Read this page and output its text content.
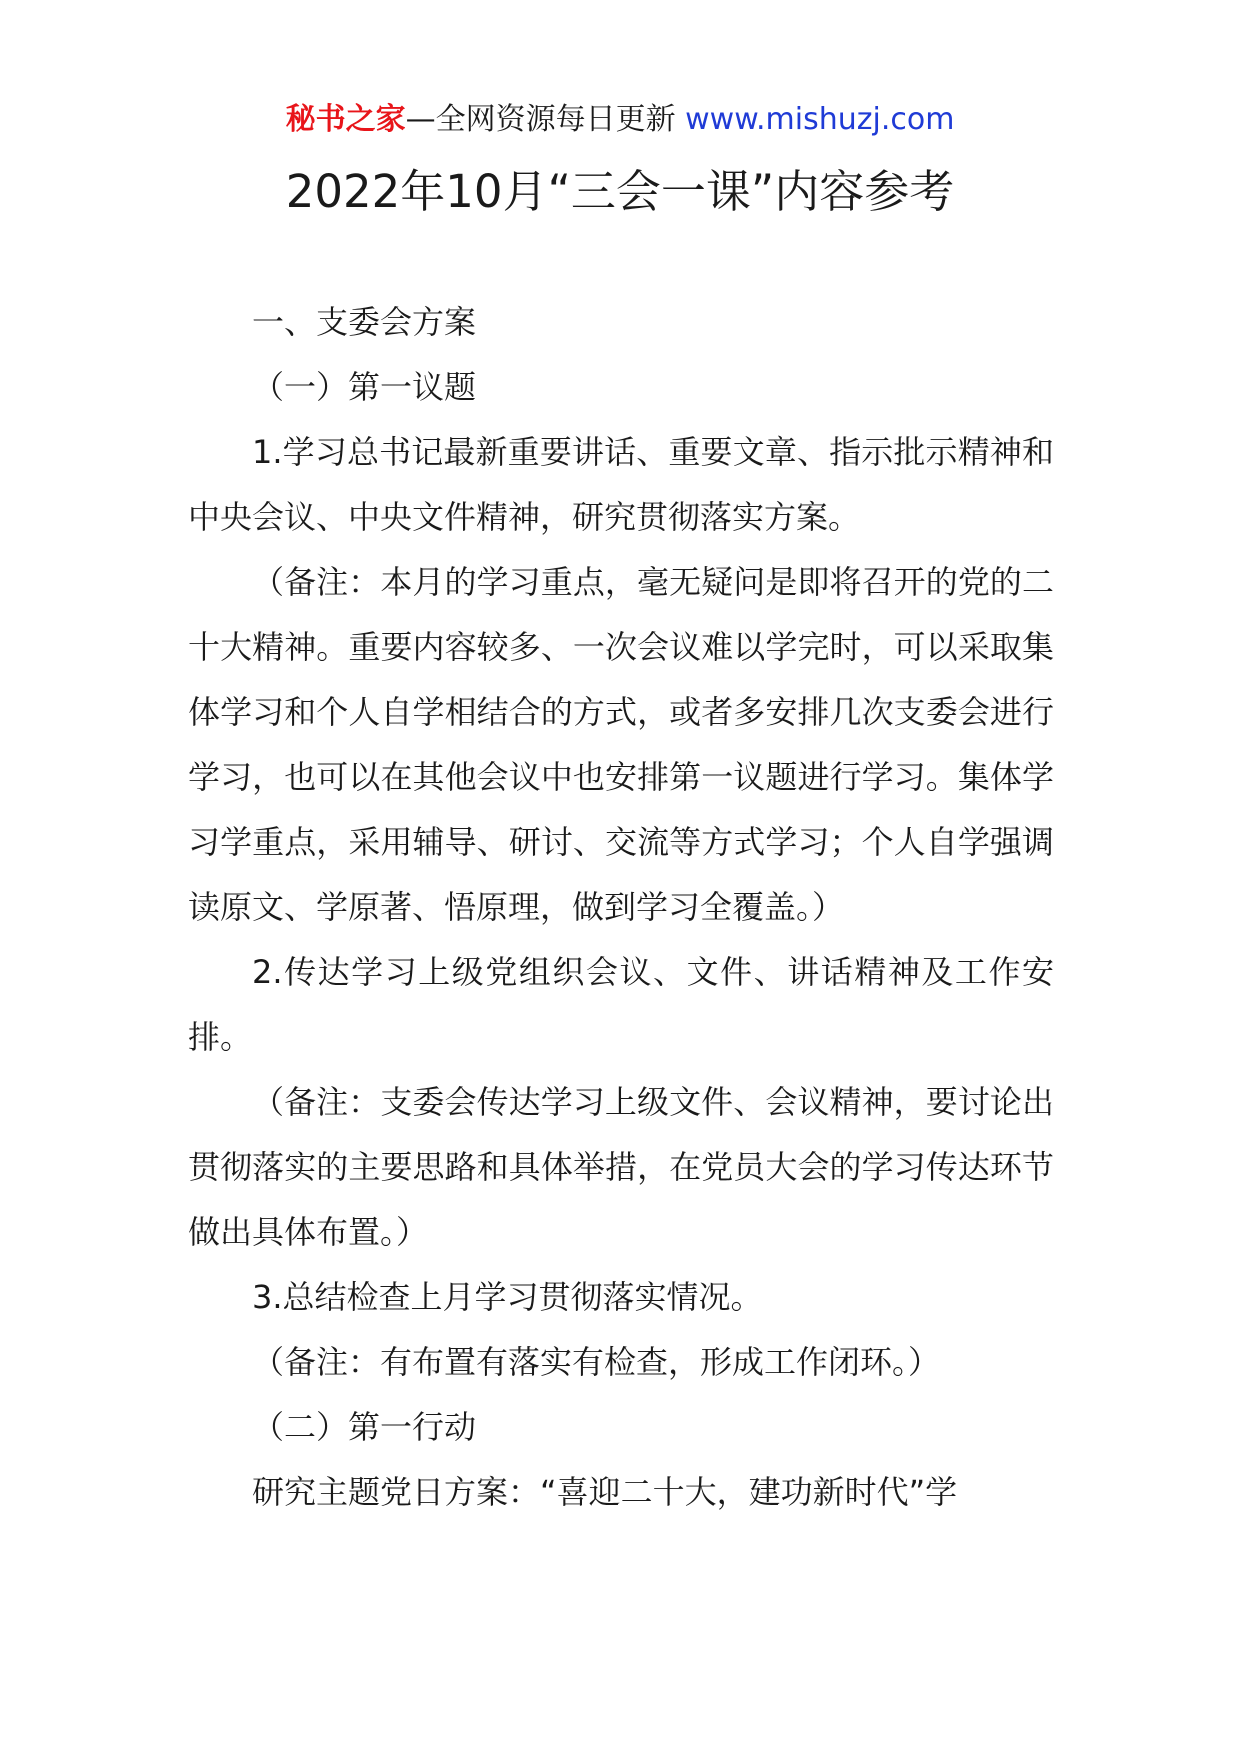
秘书之家—全网资源每日更新 www.mishuzj.com
2022年10月“三会一课”内容参考

一、支委会方案

（一）第一议题

1.学习总书记最新重要讲话、重要文章、指示批示精神和中央会议、中央文件精神，研究贯彻落实方案。

（备注：本月的学习重点，毫无疑问是即将召开的党的二十大精神。重要内容较多、一次会议难以学完时，可以采取集体学习和个人自学相结合的方式，或者多安排几次支委会进行学习，也可以在其他会议中也安排第一议题进行学习。集体学习学重点，采用辅导、研讨、交流等方式学习；个人自学强调读原文、学原著、悟原理，做到学习全覆盖。）

2.传达学习上级党组织会议、文件、讲话精神及工作安排。

（备注：支委会传达学习上级文件、会议精神，要讨论出贯彻落实的主要思路和具体举措，在党员大会的学习传达环节做出具体布置。）

3.总结检查上月学习贯彻落实情况。

（备注：有布置有落实有检查，形成工作闭环。）

（二）第一行动

研究主题党日方案：“喜迎二十大，建功新时代”学
